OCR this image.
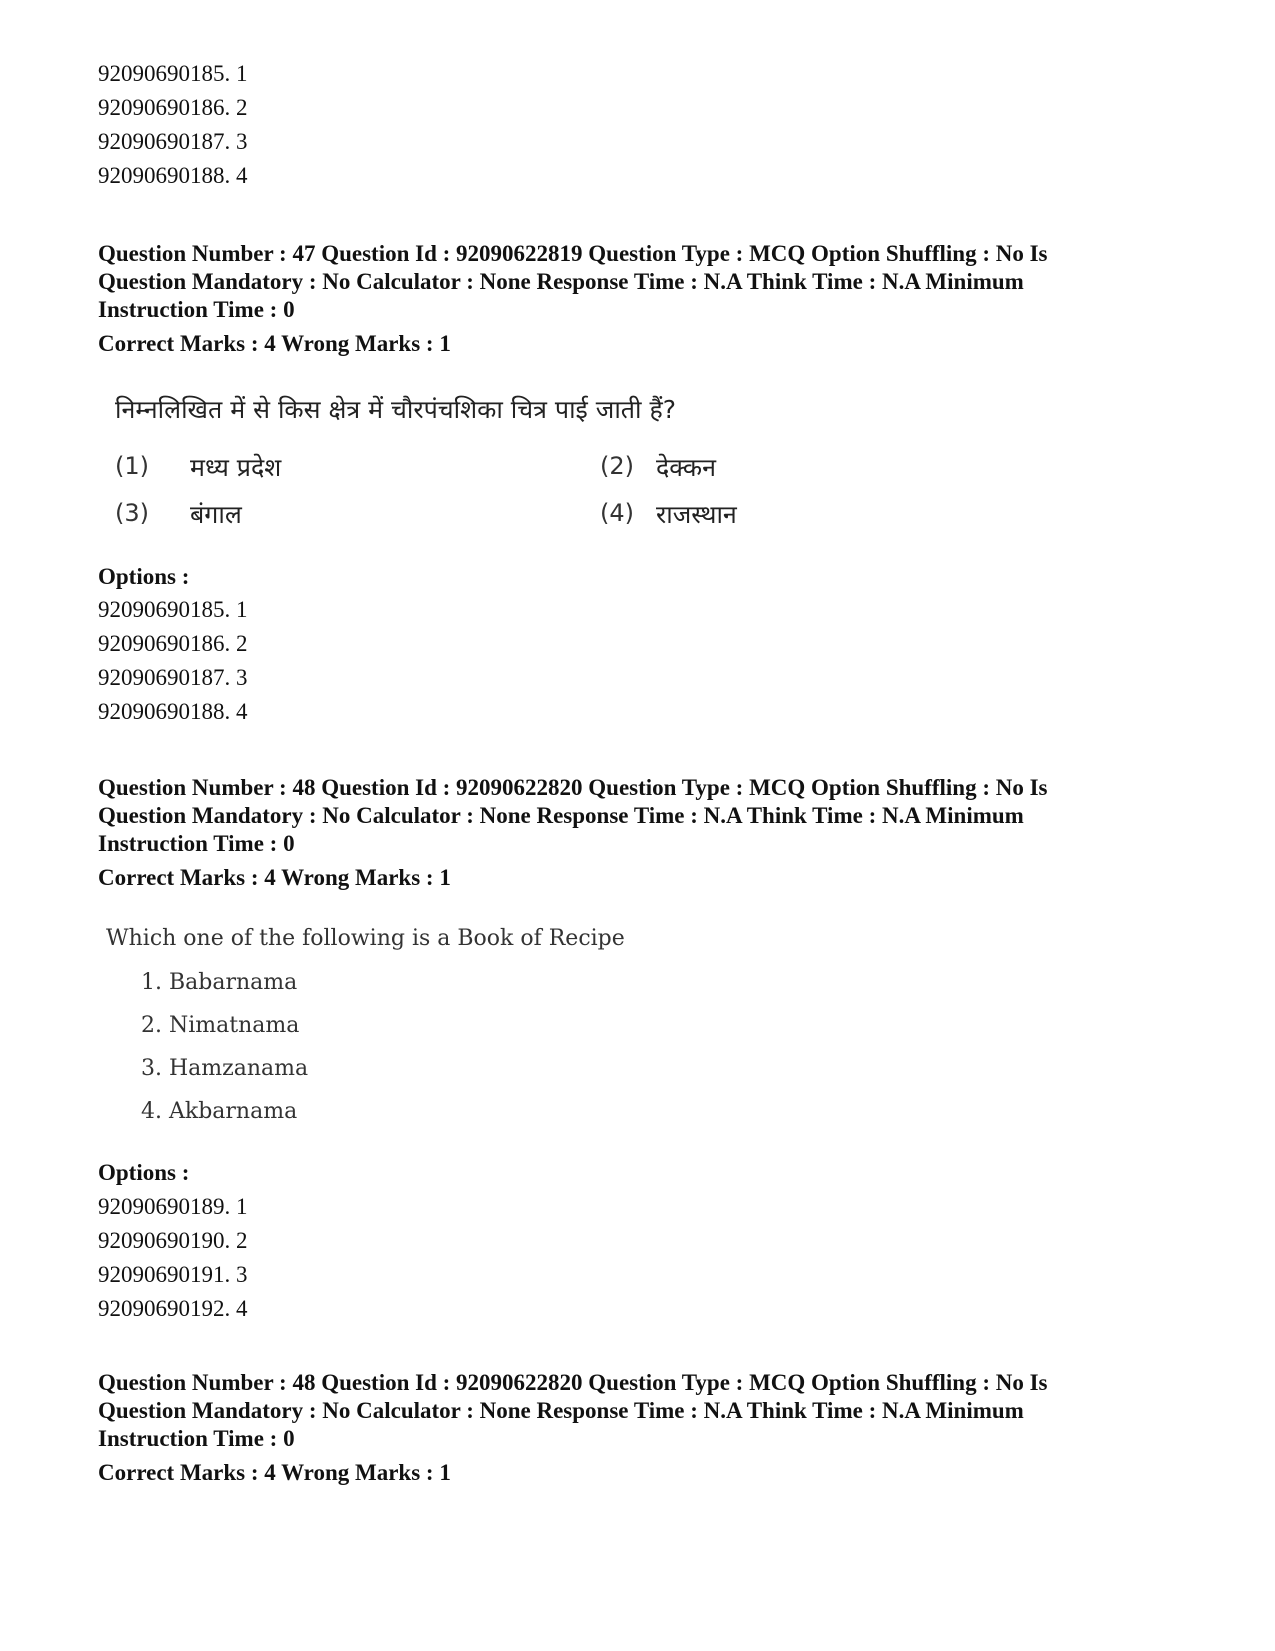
92090690185. 1
92090690186. 2
92090690187. 3
92090690188. 4

Question Number : 47 Question Id : 92090622819 Question Type : MCQ Option Shuffling : No Is

Question Mandatory : No Calculator : None Response Time : N.A Think Time : N.A Minimum

Instruction Time : 0

Correct Marks : 4 Wrong Marks : 1
निम्नलिखित में से किस क्षेत्र में चौरपंचशिका चित्र पाई जाती हैं?
(1) मध्य प्रदेश	(2) देक्कन
(3) बंगाल	(4) राजस्थान
Options :
92090690185. 1
92090690186. 2
92090690187. 3
92090690188. 4

Question Number : 48 Question Id : 92090622820 Question Type : MCQ Option Shuffling : No Is

Question Mandatory : No Calculator : None Response Time : N.A Think Time : N.A Minimum

Instruction Time : 0

Correct Marks : 4 Wrong Marks : 1
Which one of the following is a Book of Recipe
1. Babarnama
2. Nimatnama
3. Hamzanama
4. Akbarnama
Options :
92090690189. 1
92090690190. 2
92090690191. 3
92090690192. 4

Question Number : 48 Question Id : 92090622820 Question Type : MCQ Option Shuffling : No Is

Question Mandatory : No Calculator : None Response Time : N.A Think Time : N.A Minimum

Instruction Time : 0

Correct Marks : 4 Wrong Marks : 1
